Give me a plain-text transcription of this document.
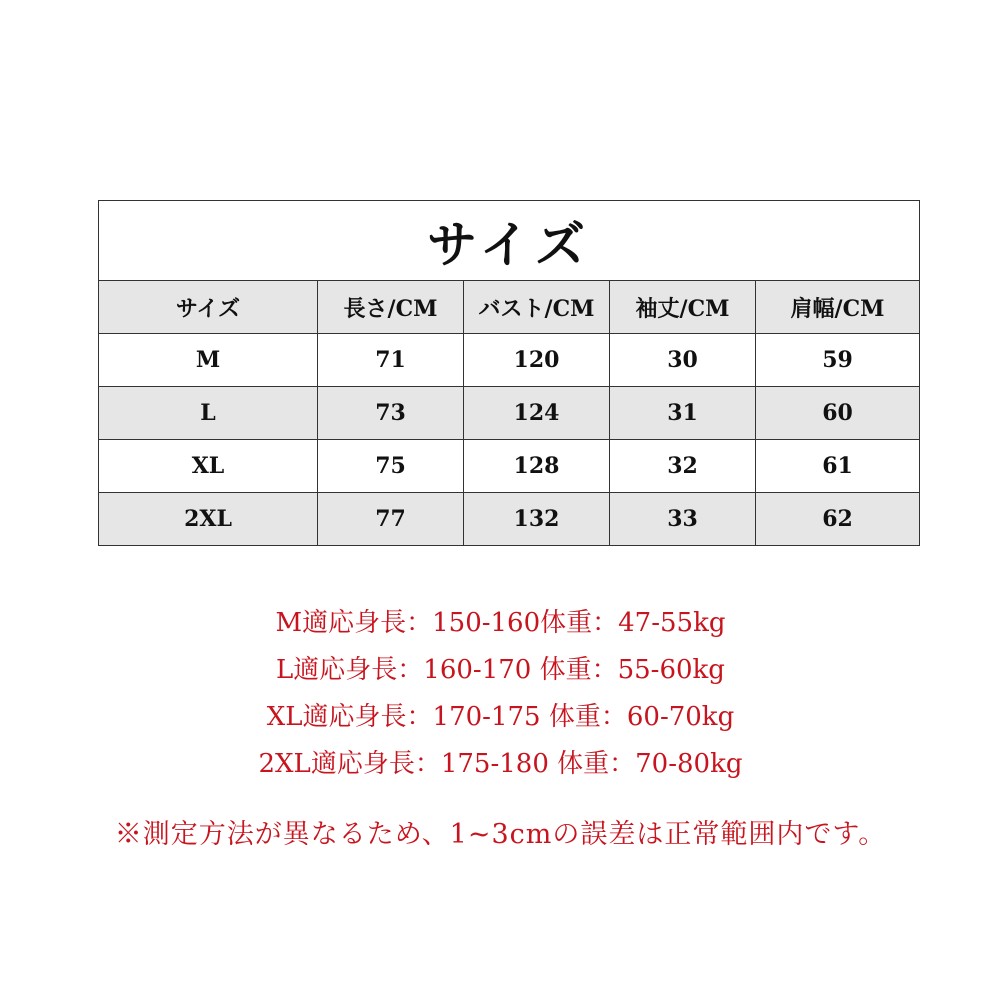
サイズ				
サイズ	長さ/CM	バスト/CM	袖丈/CM	肩幅/CM
M	71	120	30	59
L	73	124	31	60
XL	75	128	32	61
2XL	77	132	33	62
M適応身長：150-160体重：47-55kg
L適応身長：160-170 体重：55-60kg
XL適応身長：170-175 体重：60-70kg
2XL適応身長：175-180 体重：70-80kg
※測定方法が異なるため、1~3cmの誤差は正常範囲内です。
